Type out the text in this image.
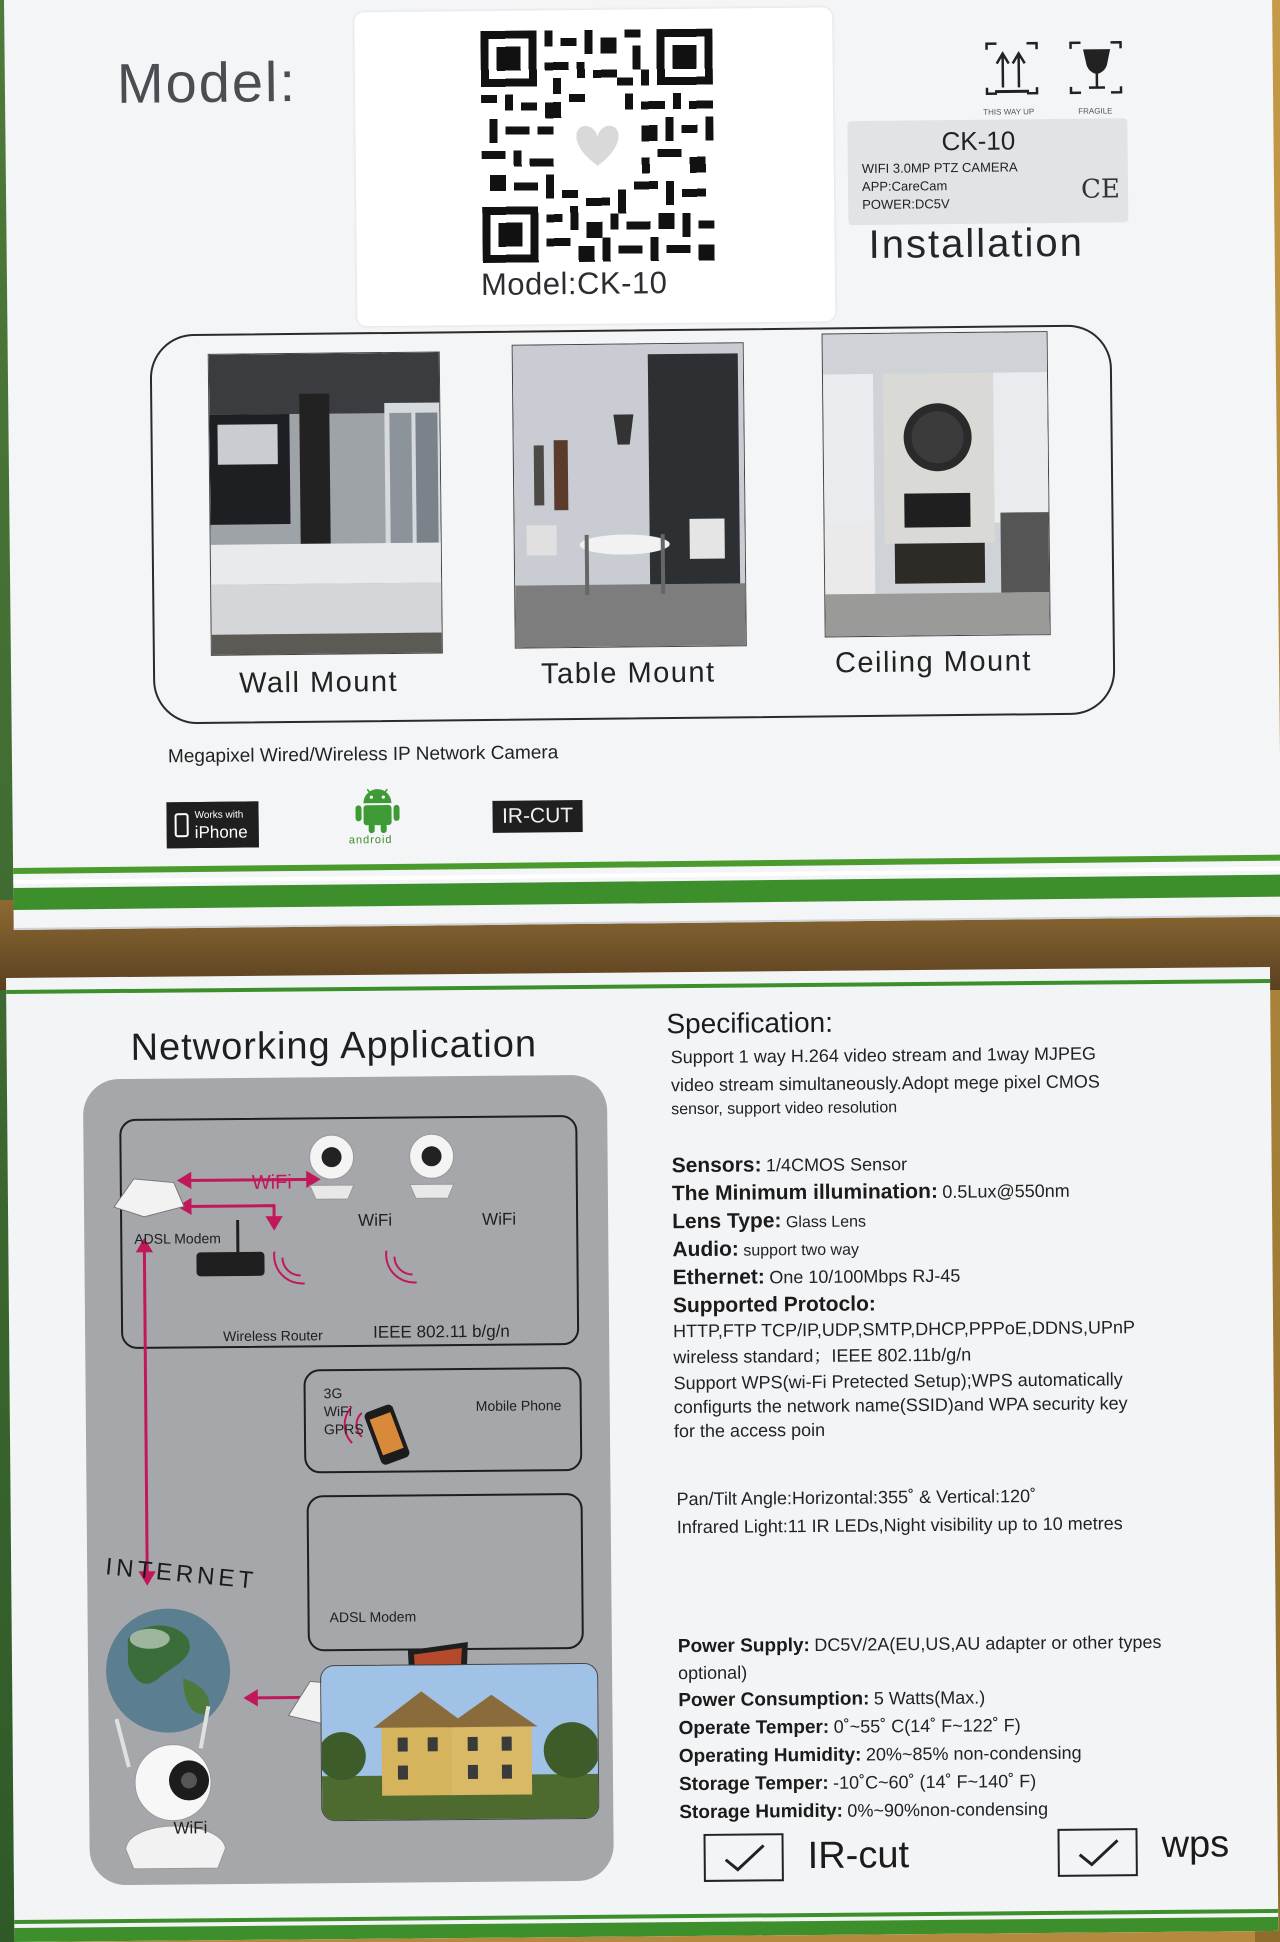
Model:
Model:CK-10
THIS WAY UP	FRAGILE
CK-10
WIFI 3.0MP PTZ CAMERA
APP:CareCam
POWER:DC5V	CE
Installation
Wall Mount	Table Mount	Ceiling Mount
Megapixel Wired/Wireless IP Network Camera
Works with
iPhone	android
IR-CUT
Networking Application
WiFi
WiFi	WiFi
ADSL Modem
Wireless Router	IEEE 802.11 b/g/n
3G
WiFi
GPRS
Mobile Phone
INTERNET
ADSL Modem
WiFi
Specification:
Support 1 way H.264 video stream and 1way MJPEG
video stream simultaneously.Adopt mege pixel CMOS
sensor, support video resolution
Sensors: 1/4CMOS Sensor
The Minimum illumination: 0.5Lux@550nm
Lens Type: Glass Lens
Audio: support two way
Ethernet: One 10/100Mbps RJ-45
Supported Protoclo:
HTTP,FTP TCP/IP,UDP,SMTP,DHCP,PPPoE,DDNS,UPnP
wireless standard；IEEE 802.11b/g/n
Support WPS(wi-Fi Pretected Setup);WPS automatically
configurts the network name(SSID)and WPA security key
for the access poin
Pan/Tilt Angle:Horizontal:355˚ & Vertical:120˚
Infrared Light:11 IR LEDs,Night visibility up to 10 metres
Power Supply: DC5V/2A(EU,US,AU adapter or other types
optional)
Power Consumption: 5 Watts(Max.)
Operate Temper: 0˚~55˚ C(14˚ F~122˚ F)
Operating Humidity: 20%~85% non-condensing
Storage Temper: -10˚C~60˚ (14˚ F~140˚ F)
Storage Humidity: 0%~90%non-condensing
IR-cut	wps
